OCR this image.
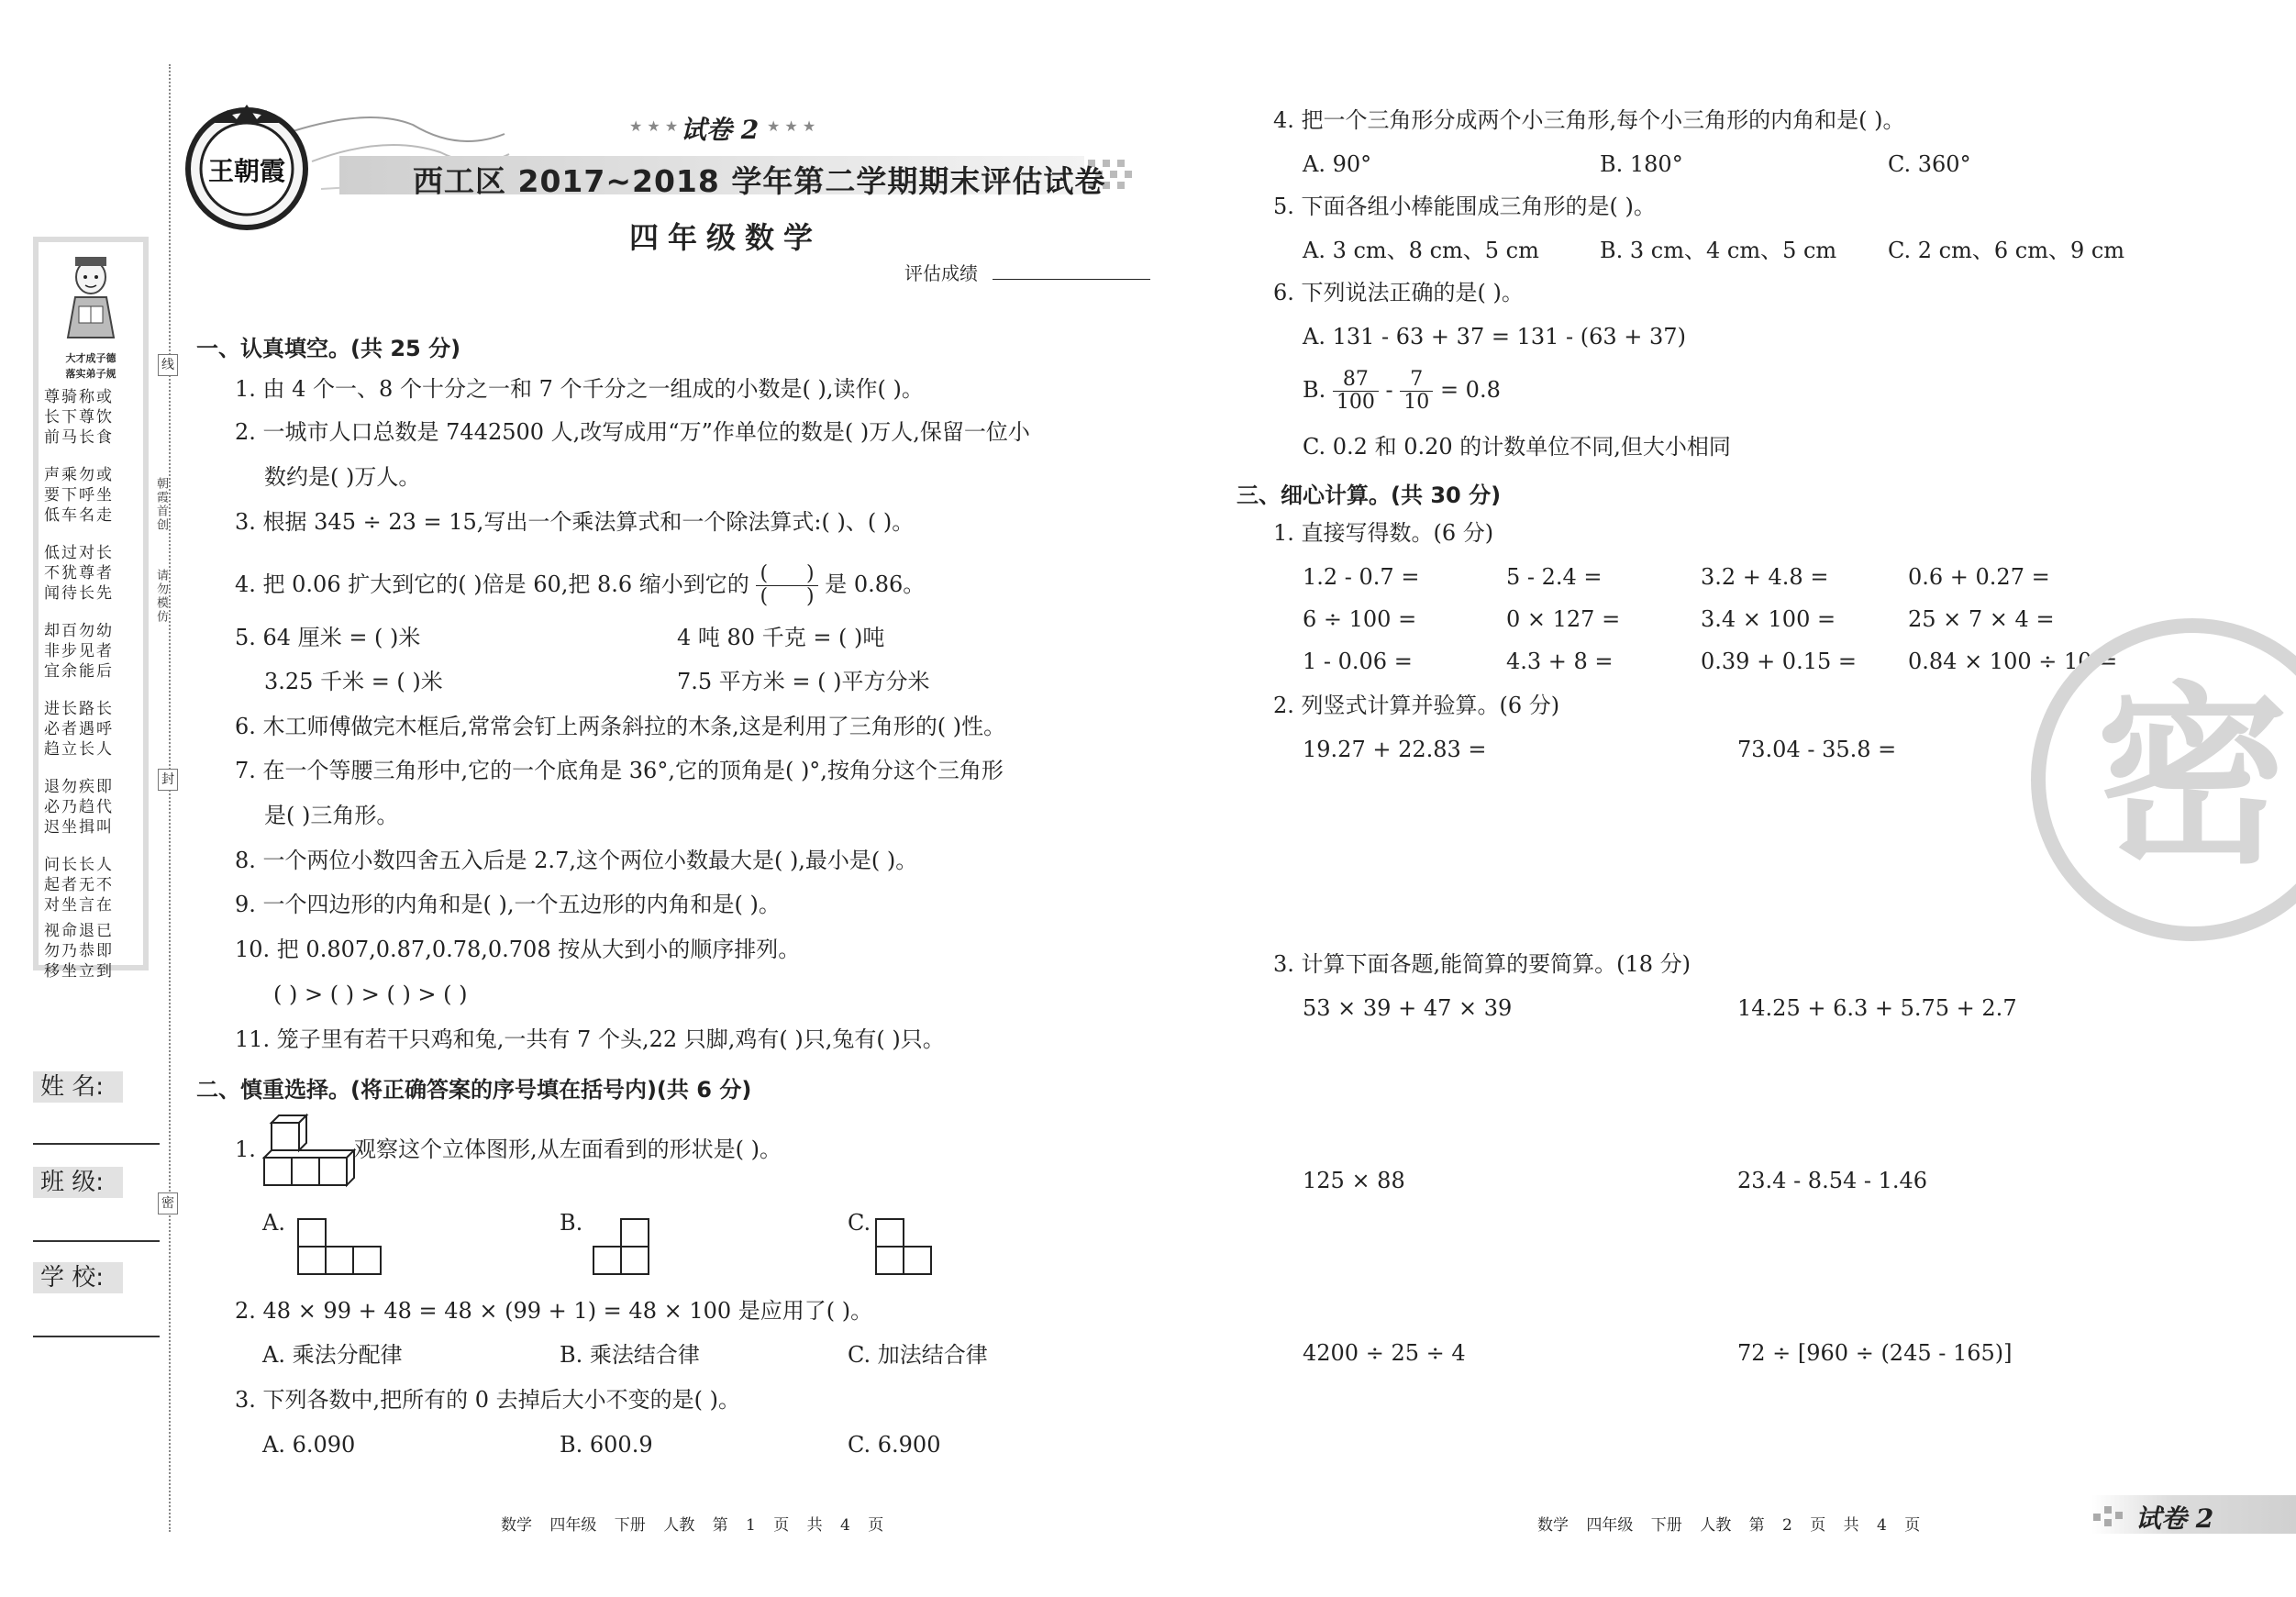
大才成子德
落实弟子规
尊骑称或
长下尊饮
前马长食
声乘勿或
要下呼坐
低车名走
低过对长
不犹尊者
闻待长先
却百勿幼
非步见者
宜余能后
进长路长
必者遇呼
趋立长人
退勿疾即
必乃趋代
迟坐揖叫
问长长人
起者无不
对坐言在
视命退已
勿乃恭即
移坐立到
线
封
密
朝霞首创
请勿模仿
姓 名:
班 级:
学 校:
王朝霞
★ ★ ★ 试卷 2 ★ ★ ★
西工区 2017~2018 学年第二学期期末评估试卷
四年级数学
评估成绩
一、认真填空。(共 25 分)
1. 由 4 个一、8 个十分之一和 7 个千分之一组成的小数是( ),读作( )。
2. 一城市人口总数是 7442500 人,改写成用“万”作单位的数是( )万人,保留一位小
数约是( )万人。
3. 根据 345 ÷ 23 = 15,写出一个乘法算式和一个除法算式:( )、( )。
4. 把 0.06 扩大到它的( )倍是 60,把 8.6 缩小到它的 $\frac{( )}{( )}$ 是 0.86。
5. 64 厘米 = ( )米	4 吨 80 千克 = ( )吨
3.25 千米 = ( )米	7.5 平方米 = ( )平方分米
6. 木工师傅做完木框后,常常会钉上两条斜拉的木条,这是利用了三角形的( )性。
7. 在一个等腰三角形中,它的一个底角是 36°,它的顶角是( )°,按角分这个三角形
是( )三角形。
8. 一个两位小数四舍五入后是 2.7,这个两位小数最大是( ),最小是( )。
9. 一个四边形的内角和是( ),一个五边形的内角和是( )。
10. 把 0.807,0.87,0.78,0.708 按从大到小的顺序排列。
( ) > ( ) > ( ) > ( )
11. 笼子里有若干只鸡和兔,一共有 7 个头,22 只脚,鸡有( )只,兔有( )只。
二、慎重选择。(将正确答案的序号填在括号内)(共 6 分)
1.	观察这个立体图形,从左面看到的形状是( )。
A.	B.	C.
2. 48 × 99 + 48 = 48 × (99 + 1) = 48 × 100 是应用了( )。
A. 乘法分配律	B. 乘法结合律	C. 加法结合律
3. 下列各数中,把所有的 0 去掉后大小不变的是( )。
A. 6.090	B. 600.9	C. 6.900
数学 四年级 下册 人教 第 1 页 共 4 页
4. 把一个三角形分成两个小三角形,每个小三角形的内角和是( )。
A. 90°	B. 180°	C. 360°
5. 下面各组小棒能围成三角形的是( )。
A. 3 cm、8 cm、5 cm	B. 3 cm、4 cm、5 cm C. 2 cm、6 cm、9 cm
6. 下列说法正确的是( )。
A. 131 - 63 + 37 = 131 - (63 + 37)
B. $\frac{87}{100} - \frac{7}{10} = 0.8$
C. 0.2 和 0.20 的计数单位不同,但大小相同
三、细心计算。(共 30 分)
1. 直接写得数。(6 分)
1.2 - 0.7 =	5 - 2.4 =	3.2 + 4.8 =	0.6 + 0.27 =
6 ÷ 100 =	0 × 127 =	3.4 × 100 =	25 × 7 × 4 =
1 - 0.06 =	4.3 + 8 =	0.39 + 0.15 = 0.84 × 100 ÷ 10 =
2. 列竖式计算并验算。(6 分)
19.27 + 22.83 =	73.04 - 35.8 = 密
3. 计算下面各题,能简算的要简算。(18 分)
53 × 39 + 47 × 39	14.25 + 6.3 + 5.75 + 2.7
125 × 88	23.4 - 8.54 - 1.46
4200 ÷ 25 ÷ 4	72 ÷ [960 ÷ (245 - 165)]
数学 四年级 下册 人教 第 2 页 共 4 页	试卷 2
